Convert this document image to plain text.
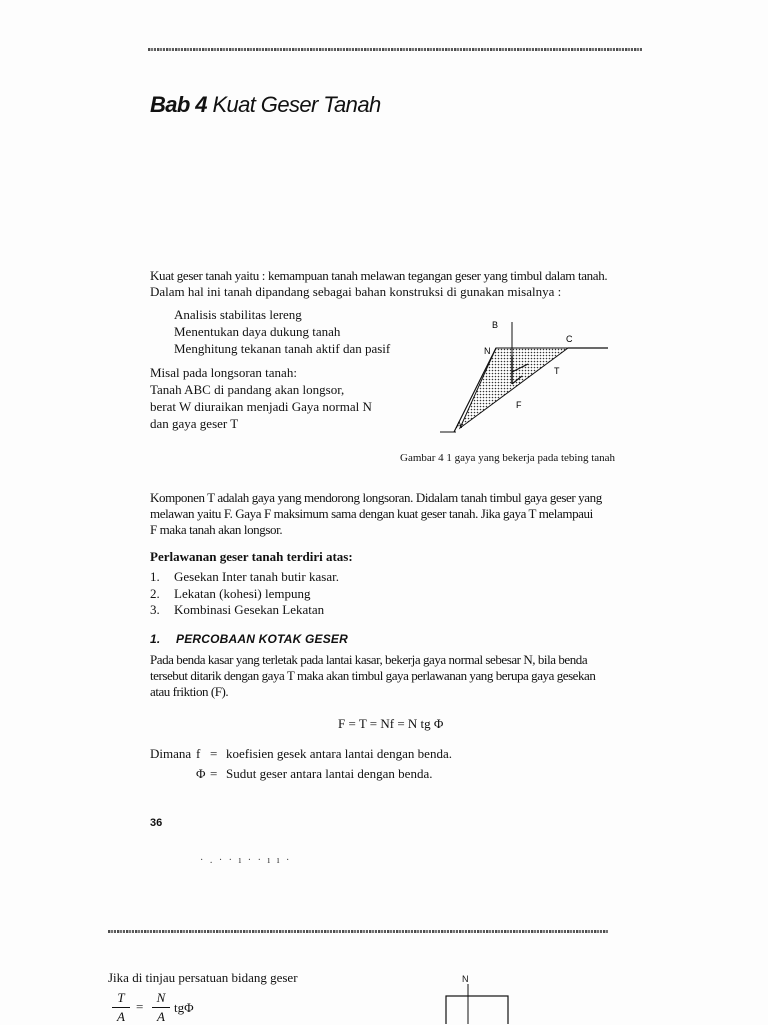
Bab 4 Kuat Geser Tanah
Kuat geser tanah yaitu : kemampuan tanah melawan tegangan geser yang timbul dalam tanah.
Dalam hal ini tanah dipandang sebagai bahan konstruksi di gunakan misalnya :
Analisis stabilitas lereng
Menentukan daya dukung tanah
Menghitung tekanan tanah aktif dan pasif
Misal pada longsoran tanah:
Tanah ABC di pandang akan longsor,
berat W diuraikan menjadi Gaya normal N
dan gaya geser T
B
C
N
T
F
A
Gambar 4 1 gaya yang bekerja pada tebing tanah
Komponen T adalah gaya yang mendorong longsoran. Didalam tanah timbul gaya geser yang
melawan yaitu F. Gaya F maksimum sama dengan kuat geser tanah. Jika gaya T melampaui
F maka tanah akan longsor.
Perlawanan geser tanah terdiri atas:
1.	Gesekan Inter tanah butir kasar.
2.	Lekatan (kohesi) lempung
3.	Kombinasi Gesekan Lekatan
1. PERCOBAAN KOTAK GESER
Pada benda kasar yang terletak pada lantai kasar, bekerja gaya normal sebesar N, bila benda
tersebut ditarik dengan gaya T maka akan timbul gaya perlawanan yang berupa gaya gesekan
atau friktion (F).
F = T = Nf = N tg Φ
Dimana f = koefisien gesek antara lantai dengan benda.
Φ = Sudut geser antara lantai dengan benda.
36
· . · · ı · · ı ı ·
Jika di tinjau persatuan bidang geser
T
A
=
N
A
tgΦ
N
